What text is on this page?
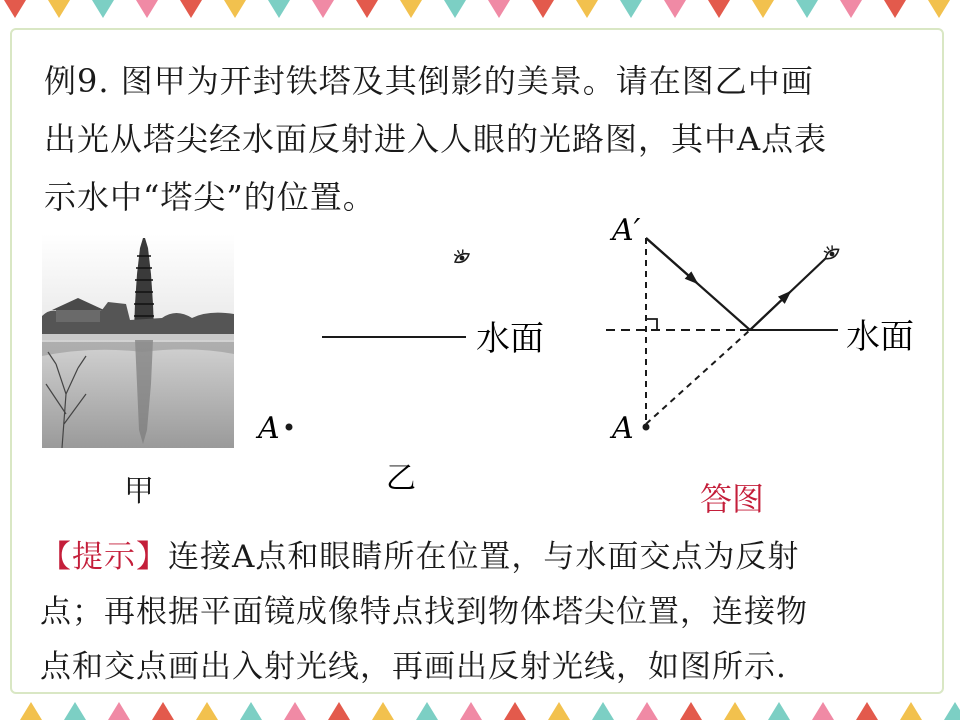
例9. 图甲为开封铁塔及其倒影的美景。请在图乙中画
出光从塔尖经水面反射进入人眼的光路图，其中A点表
示水中“塔尖”的位置。
甲
水面
A
乙
水面
A
A′
答图
【提示】连接A点和眼睛所在位置，与水面交点为反射
点；再根据平面镜成像特点找到物体塔尖位置，连接物
点和交点画出入射光线，再画出反射光线，如图所示.
